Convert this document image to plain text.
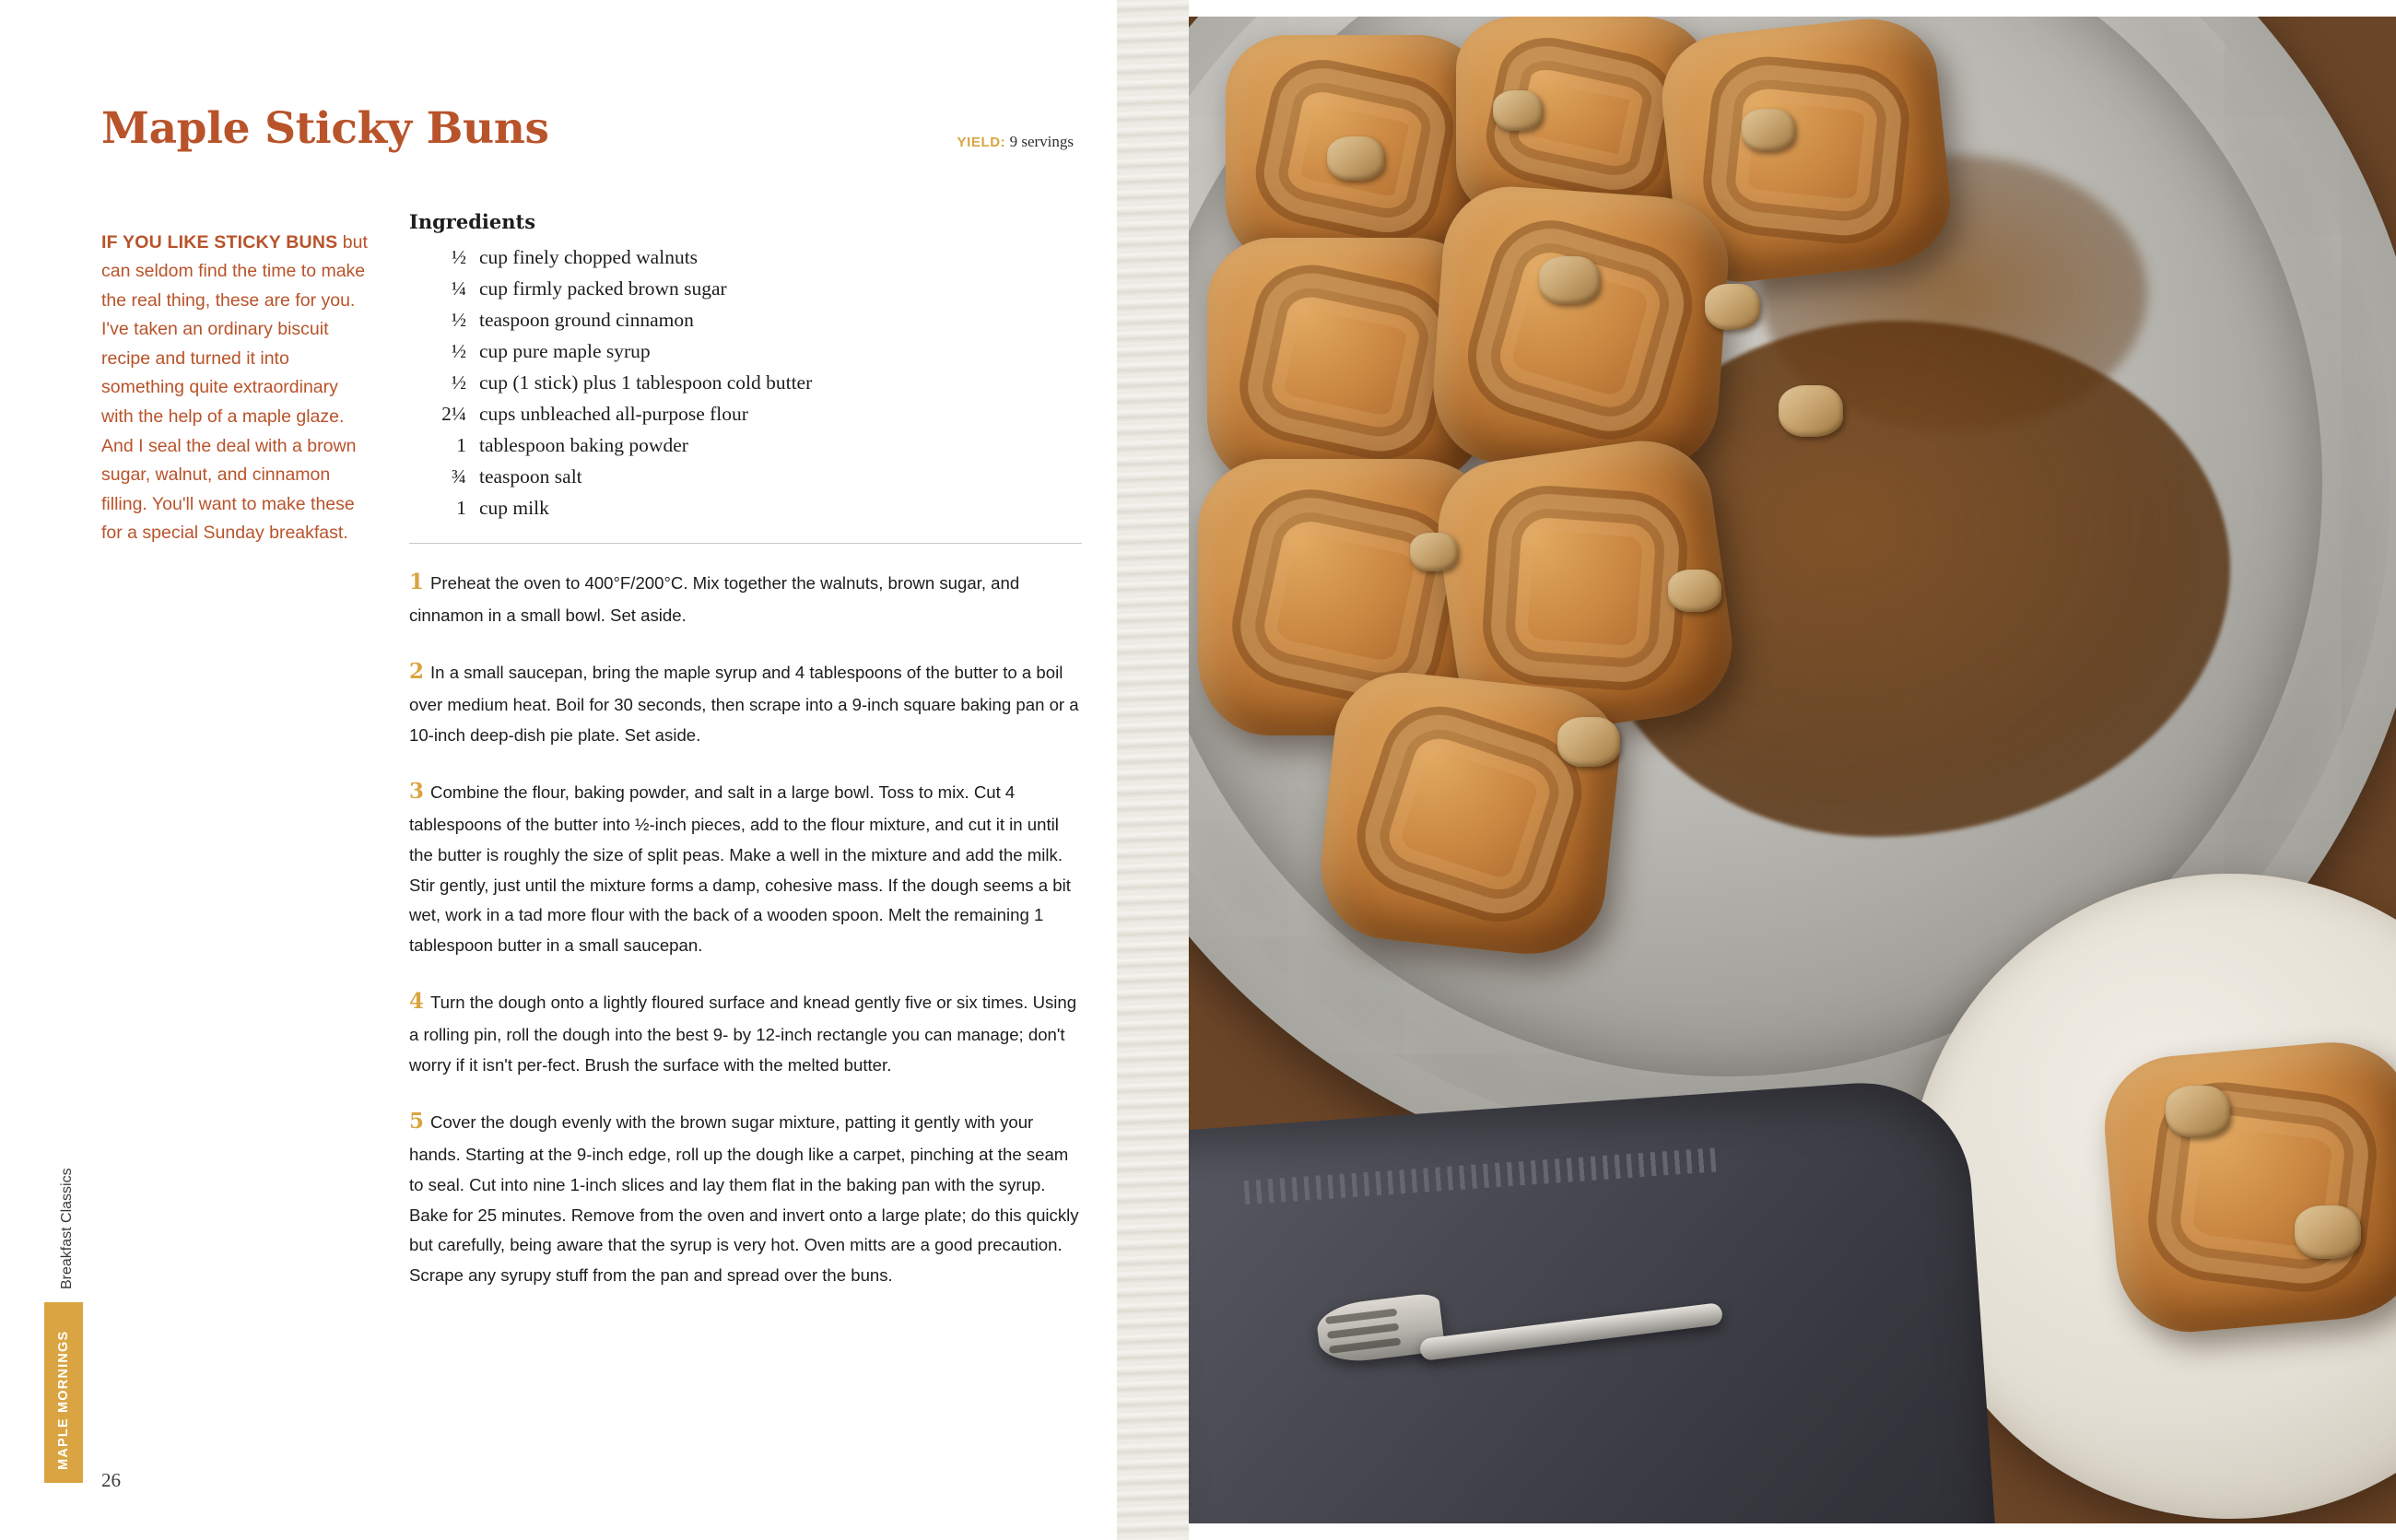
MAPLE MORNINGS
Breakfast Classics
26
Maple Sticky Buns	YIELD: 9 servings

IF YOU LIKE STICKY BUNS but can seldom find the time to make the real thing, these are for you. I've taken an ordinary biscuit recipe and turned it into something quite extraordinary with the help of a maple glaze. And I seal the deal with a brown sugar, walnut, and cinnamon filling. You'll want to make these for a special Sunday breakfast.

Ingredients
½ cup finely chopped walnuts
¼ cup firmly packed brown sugar
½ teaspoon ground cinnamon
½ cup pure maple syrup
½ cup (1 stick) plus 1 tablespoon cold butter
2¼ cups unbleached all-purpose flour
1 tablespoon baking powder
¾ teaspoon salt
1 cup milk

1 Preheat the oven to 400°F/200°C. Mix together the walnuts, brown sugar, and cinnamon in a small bowl. Set aside.

2 In a small saucepan, bring the maple syrup and 4 tablespoons of the butter to a boil over medium heat. Boil for 30 seconds, then scrape into a 9-inch square baking pan or a 10-inch deep-dish pie plate. Set aside.

3 Combine the flour, baking powder, and salt in a large bowl. Toss to mix. Cut 4 tablespoons of the butter into ½-inch pieces, add to the flour mixture, and cut it in until the butter is roughly the size of split peas. Make a well in the mixture and add the milk. Stir gently, just until the mixture forms a damp, cohesive mass. If the dough seems a bit wet, work in a tad more flour with the back of a wooden spoon. Melt the remaining 1 tablespoon butter in a small saucepan.

4 Turn the dough onto a lightly floured surface and knead gently five or six times. Using a rolling pin, roll the dough into the best 9- by 12-inch rectangle you can manage; don't worry if it isn't per-fect. Brush the surface with the melted butter.

5 Cover the dough evenly with the brown sugar mixture, patting it gently with your hands. Starting at the 9-inch edge, roll up the dough like a carpet, pinching at the seam to seal. Cut into nine 1-inch slices and lay them flat in the baking pan with the syrup. Bake for 25 minutes. Remove from the oven and invert onto a large plate; do this quickly but carefully, being aware that the syrup is very hot. Oven mitts are a good precaution. Scrape any syrupy stuff from the pan and spread over the buns.
